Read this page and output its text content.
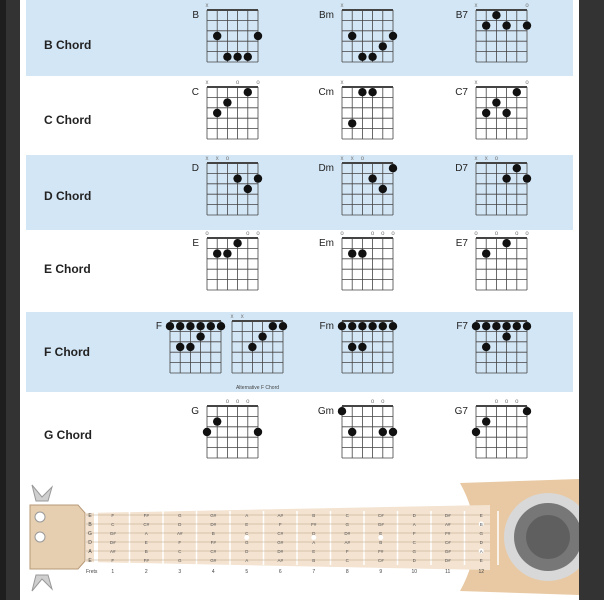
B Chord
C Chord
D Chord
E Chord
F Chord
G Chord
B
x
Bm
x
B7
x	o
C
x	o	o
Cm
x
C7
x	o
D
x x o
Dm
x x o
D7
x x o
E
o	o o
Em
o	o o o
E7
o	o	o o
F
x x
Fm	F7
Alternative F Chord
G
o o o
Gm
o o
G7
o o o
E
B
G
D
A
E
F	F#	G	G#	A	A#	B	C	C#	D	D#	E
C	C#	D	D#	E	F	F#	G	G#	A	A#	B
G#	A	A#	B	C	C#	D	D#	E	F	F#	G
D#	E	F	F#	G	G#	A	A#	B	C	C#	D
A#	B	C	C#	D	D#	E	F	F#	G	G#	A
F	F#	G	G#	A	A#	B	C	C#	D	D#	E
Frets	1	2	3	4	5	6	7	8	9	10	11	12
